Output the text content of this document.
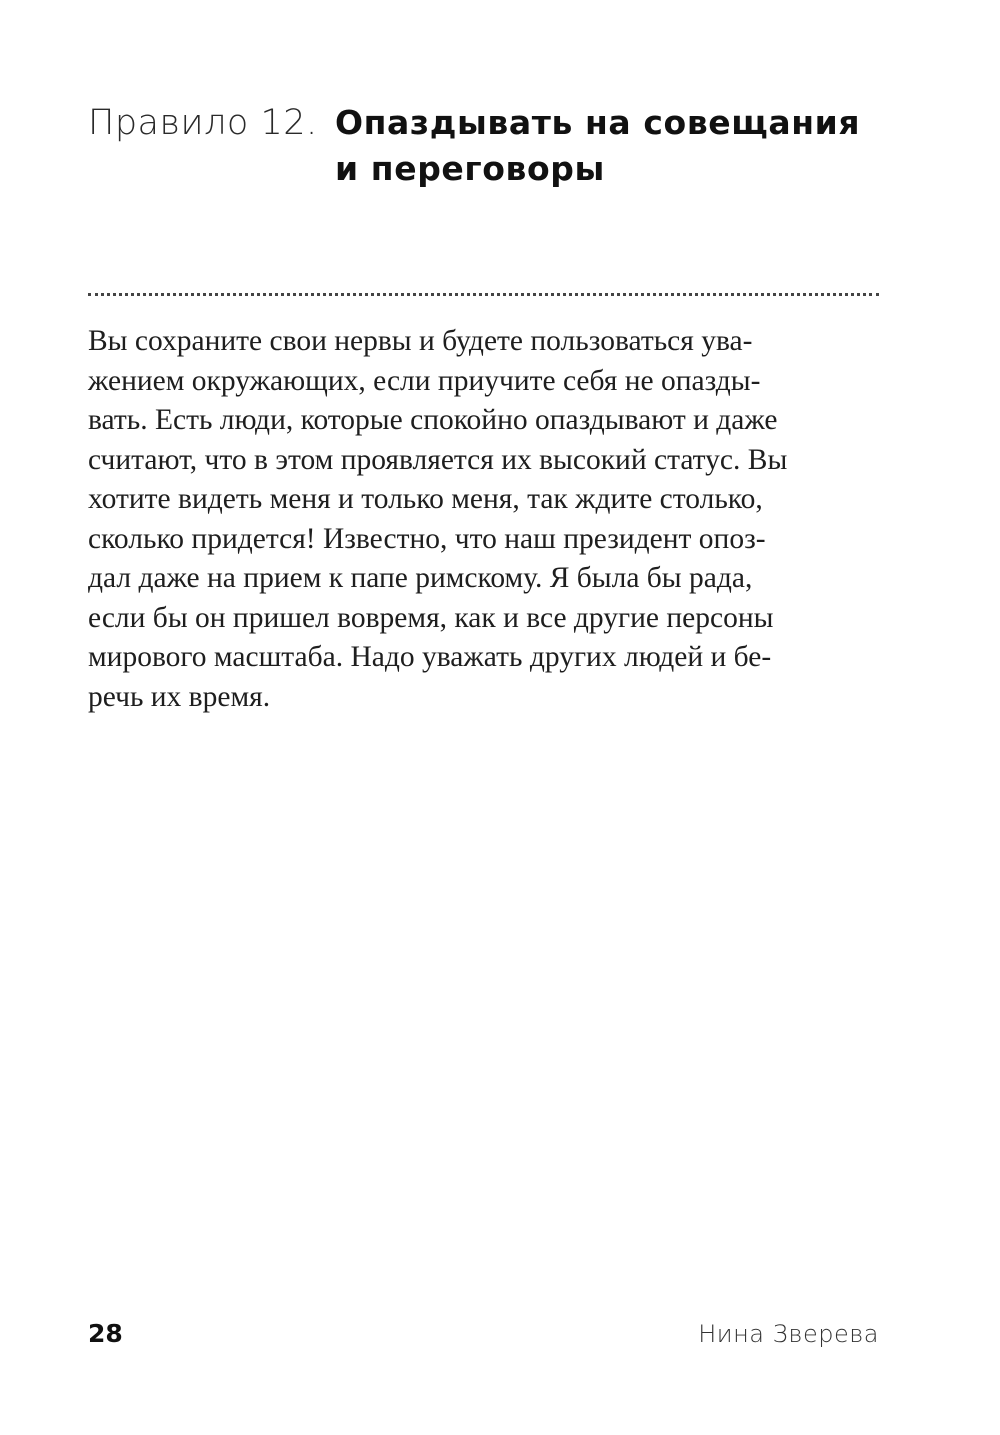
Правило 12. Опаздывать на совещания
и переговоры
Вы сохраните свои нервы и будете пользоваться ува-
жением окружающих, если приучите себя не опазды-
вать. Есть люди, которые спокойно опаздывают и даже
считают, что в этом проявляется их высокий статус. Вы
хотите видеть меня и только меня, так ждите столько,
сколько придется! Известно, что наш президент опоз-
дал даже на прием к папе римскому. Я была бы рада,
если бы он пришел вовремя, как и все другие персоны
мирового масштаба. Надо уважать других людей и бе-
речь их время.
28	Нина Зверева
